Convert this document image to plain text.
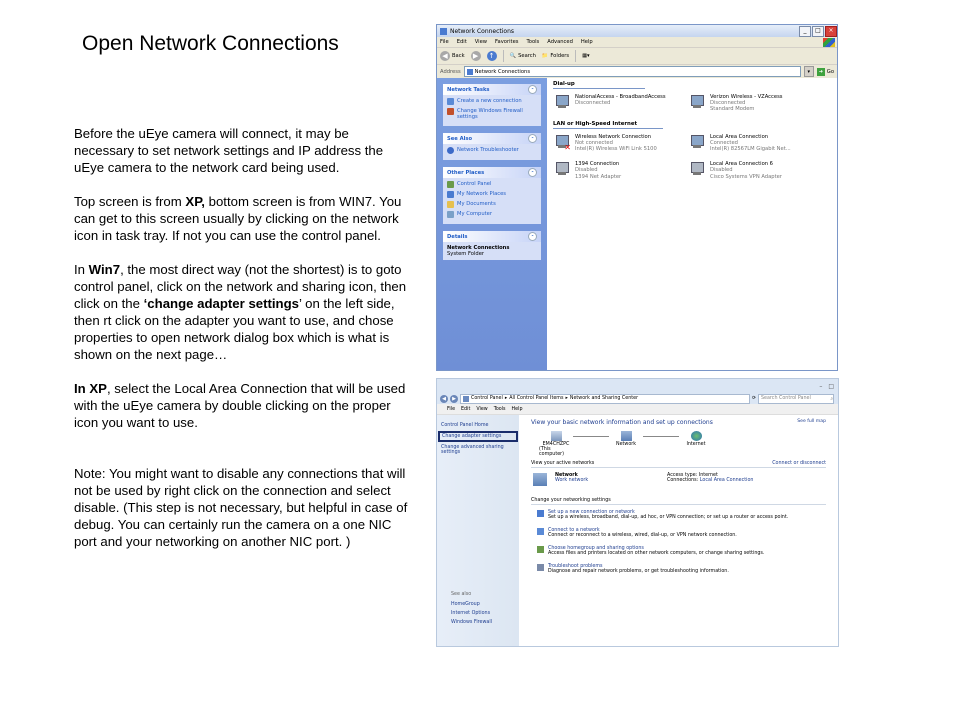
Open Network Connections

Before the uEye camera will connect, it may be necessary to set network settings and IP address the uEye camera to the network card being used.

Top screen is from XP, bottom screen is from WIN7. You can get to this screen usually by clicking on the network icon in task tray. If not you can use the control panel.

In Win7, the most direct way (not the shortest) is to goto control panel, click on the network and sharing icon, then click on the ‘change adapter settings’ on the left side, then rt click on the adapter you want to use, and chose properties to open network dialog box which is what is shown on the next page…

In XP, select the Local Area Connection that will be used with the uEye camera by double clicking on the proper icon you want to use.

Note: You might want to disable any connections that will not be used by right click on the connection and select disable. (This step is not necessary, but helpful in case of debug. You can certainly run the camera on a one NIC port and your networking on another NIC port. )

Network Connections	_	□	×
File Edit View Favorites Tools Advanced Help
◀ Back	▶	↑	🔍 Search 📁 Folders	▦▾
Address	Network Connections	▾	➜ Go
Network Tasks	⌃
Create a new connection
Change Windows Firewall settings
See Also	⌃
Network Troubleshooter
Other Places	⌃
Control Panel
My Network Places
My Documents
My Computer
Details	⌃
Network Connections
System Folder
Dial-up
NationalAccess - BroadbandAccess
Disconnected
Verizon Wireless - VZAccess
Disconnected
Standard Modem
LAN or High-Speed Internet
✕
Wireless Network Connection
Not connected
Intel(R) Wireless WiFi Link 5100
Local Area Connection
Connected
Intel(R) 82567LM Gigabit Net...
1394 Connection
Disabled
1394 Net Adapter
Local Area Connection 6
Disabled
Cisco Systems VPN Adapter
– □
◀	▶	Control Panel ▸ All Control Panel Items ▸ Network and Sharing Center	⟳ Search Control Panel	⌕
File Edit View Tools Help
Control Panel Home
Change adapter settings
Change advanced sharing settings
See also
HomeGroup
Internet Options
Windows Firewall
View your basic network information and set up connections	See full map
EM4CHZPC
(This computer)
Network	Internet
View your active networks	Connect or disconnect
Network
Work network
Access type: Internet
Connections: Local Area Connection
Change your networking settings
Set up a new connection or network
Set up a wireless, broadband, dial-up, ad hoc, or VPN connection; or set up a router or access point.
Connect to a network
Connect or reconnect to a wireless, wired, dial-up, or VPN network connection.
Choose homegroup and sharing options
Access files and printers located on other network computers, or change sharing settings.
Troubleshoot problems
Diagnose and repair network problems, or get troubleshooting information.
